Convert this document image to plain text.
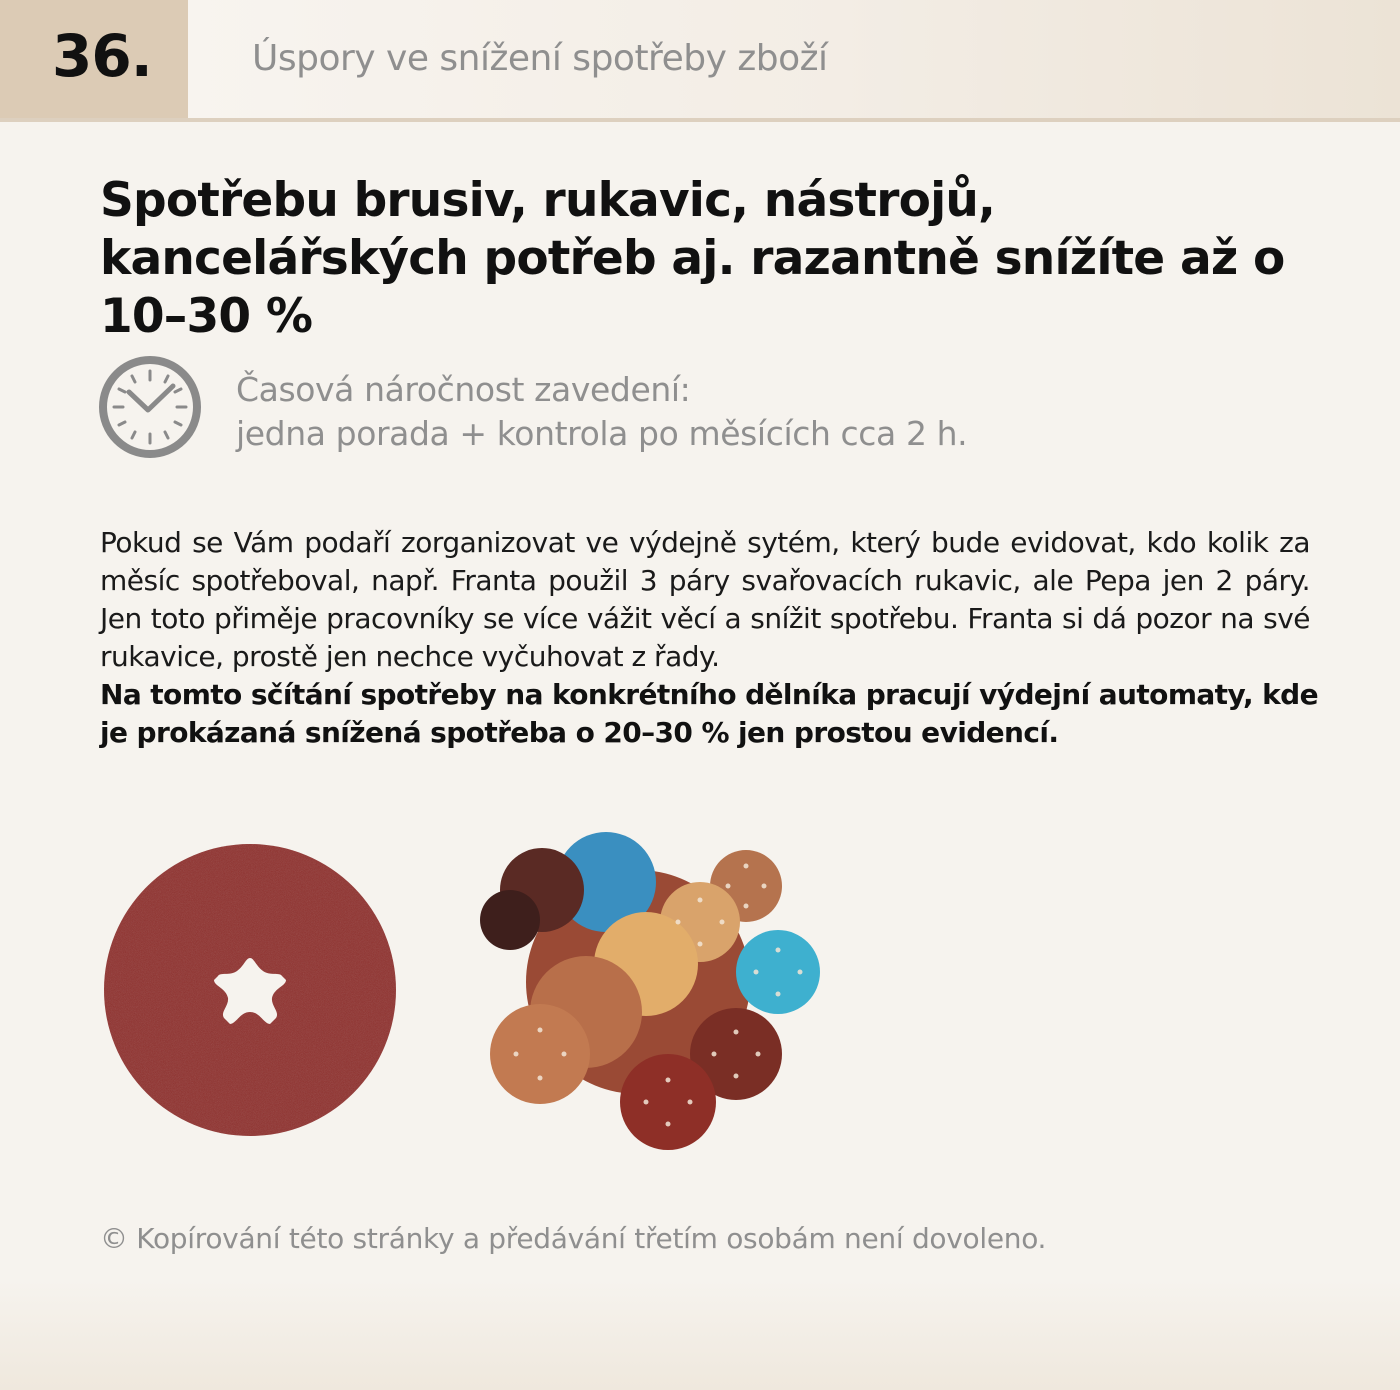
36.	Úspory ve snížení spotřeby zboží
Spotřebu brusiv, rukavic, nástrojů, kancelářských potřeb aj. razantně snížíte až o 10–30 %
Časová náročnost zavedení:
jedna porada + kontrola po měsících cca 2 h.
Pokud se Vám podaří zorganizovat ve výdejně sytém, který bude evidovat, kdo kolik za měsíc spotřeboval, např. Franta použil 3 páry svařovacích rukavic, ale Pepa jen 2 páry. Jen toto přiměje pracovníky se více vážit věcí a snížit spotřebu. Franta si dá pozor na své rukavice, prostě jen nechce vyčuhovat z řady.
Na tomto sčítání spotřeby na konkrétního dělníka pracují výdejní automaty, kde je prokázaná snížená spotřeba o 20–30 % jen prostou evidencí.
© Kopírování této stránky a předávání třetím osobám není dovoleno.
